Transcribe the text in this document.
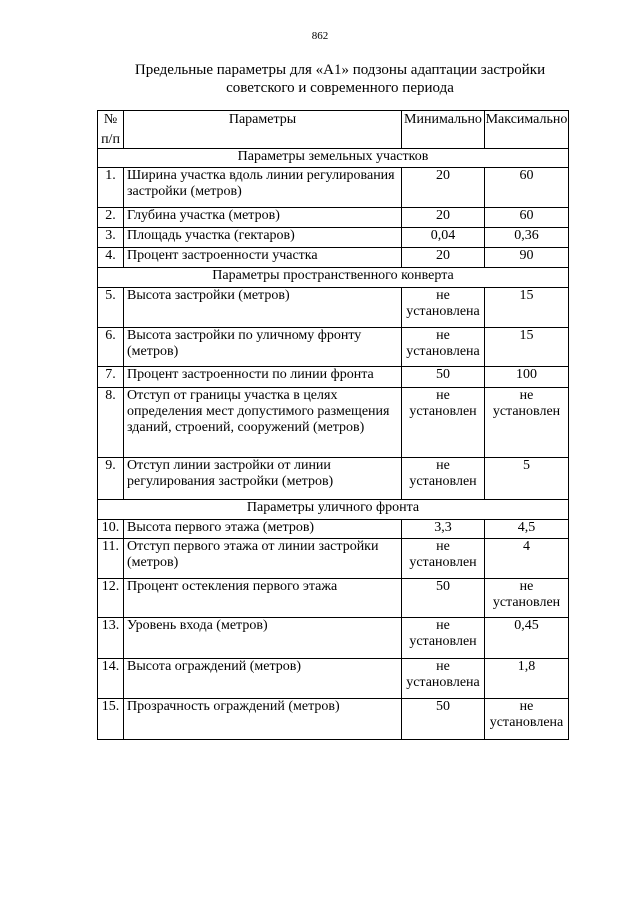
862
Предельные параметры для «А1» подзоны адаптации застройки
советского и современного периода
№
п/п	Параметры	Минимально	Максимально
Параметры земельных участков			
1.	Ширина участка вдоль линии регулирования застройки (метров)	20	60
2.	Глубина участка (метров)	20	60
3.	Площадь участка (гектаров)	0,04	0,36
4.	Процент застроенности участка	20	90
Параметры пространственного конверта			
5.	Высота застройки (метров)	не установлена	15
6.	Высота застройки по уличному фронту (метров)	не установлена	15
7.	Процент застроенности по линии фронта	50	100
8.	Отступ от границы участка в целях определения мест допустимого размещения зданий, строений, сооружений (метров)	не установлен	не установлен
9.	Отступ линии застройки от линии регулирования застройки (метров)	не установлен	5
Параметры уличного фронта			
10.	Высота первого этажа (метров)	3,3	4,5
11.	Отступ первого этажа от линии застройки (метров)	не установлен	4
12.	Процент остекления первого этажа	50	не установлен
13.	Уровень входа (метров)	не установлен	0,45
14.	Высота ограждений (метров)	не установлена	1,8
15.	Прозрачность ограждений (метров)	50	не установлена
